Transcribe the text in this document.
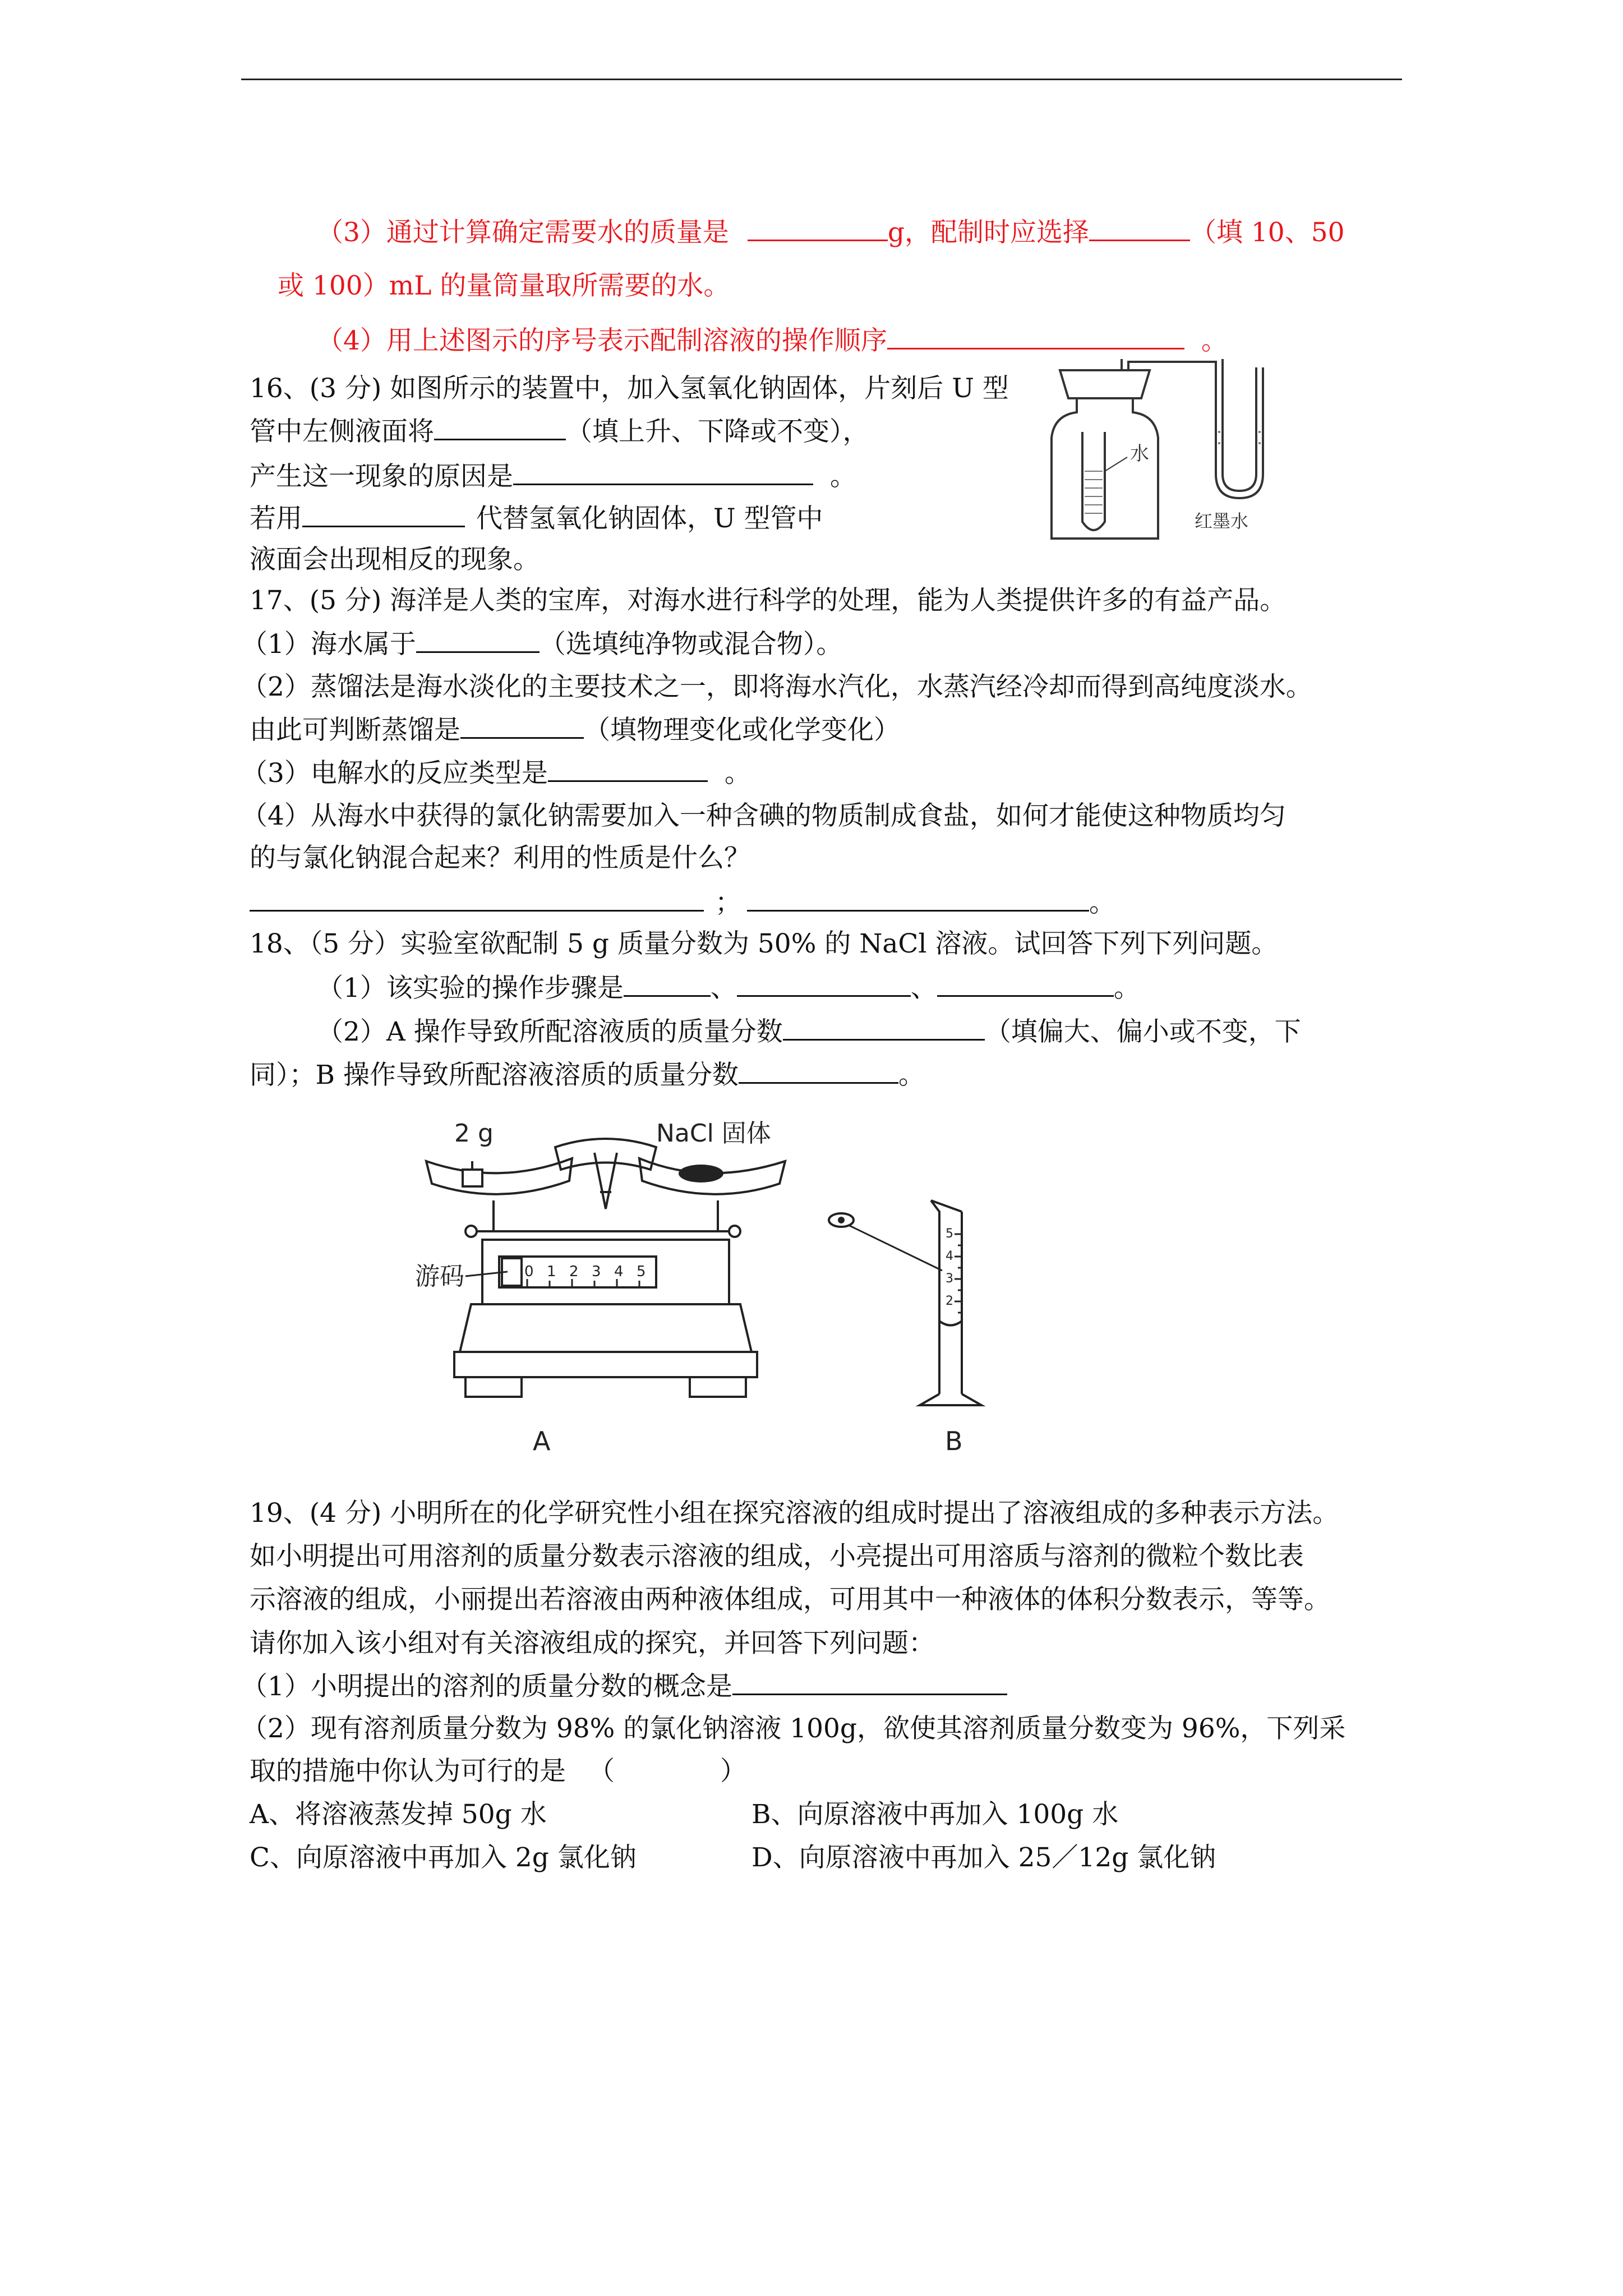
（3）通过计算确定需要水的质量是	g，配制时应选择	（填 10、50
或 100）mL 的量筒量取所需要的水。
（4）用上述图示的序号表示配制溶液的操作顺序	。
16、(3 分) 如图所示的装置中，加入氢氧化钠固体，片刻后 U 型
管中左侧液面将	（填上升、下降或不变），
产生这一现象的原因是	。
若用	代替氢氧化钠固体，U 型管中
液面会出现相反的现象。
水
红墨水
17、(5 分) 海洋是人类的宝库，对海水进行科学的处理，能为人类提供许多的有益产品。
（1）海水属于	（选填纯净物或混合物）。
（2）蒸馏法是海水淡化的主要技术之一，即将海水汽化，水蒸汽经冷却而得到高纯度淡水。
由此可判断蒸馏是	（填物理变化或化学变化）
（3）电解水的反应类型是	。
（4）从海水中获得的氯化钠需要加入一种含碘的物质制成食盐，如何才能使这种物质均匀
的与氯化钠混合起来？利用的性质是什么？
；	。
18、（5 分）实验室欲配制 5 g 质量分数为 50% 的 NaCl 溶液。试回答下列下列问题。
（1）该实验的操作步骤是	、	、	。
（2）A 操作导致所配溶液质的质量分数	（填偏大、偏小或不变，下
同）；B 操作导致所配溶液溶质的质量分数	。
0 1 2 3 4 5
2 g	NaCl 固体
游码
A
5
4
3
2
B
19、(4 分) 小明所在的化学研究性小组在探究溶液的组成时提出了溶液组成的多种表示方法。
如小明提出可用溶剂的质量分数表示溶液的组成，小亮提出可用溶质与溶剂的微粒个数比表
示溶液的组成，小丽提出若溶液由两种液体组成，可用其中一种液体的体积分数表示，等等。
请你加入该小组对有关溶液组成的探究，并回答下列问题：
（1）小明提出的溶剂的质量分数的概念是
（2）现有溶剂质量分数为 98% 的氯化钠溶液 100g，欲使其溶剂质量分数变为 96%，下列采
取的措施中你认为可行的是 （　　　　）
A、将溶液蒸发掉 50g 水	B、向原溶液中再加入 100g 水
C、向原溶液中再加入 2g 氯化钠	D、向原溶液中再加入 25／12g 氯化钠
